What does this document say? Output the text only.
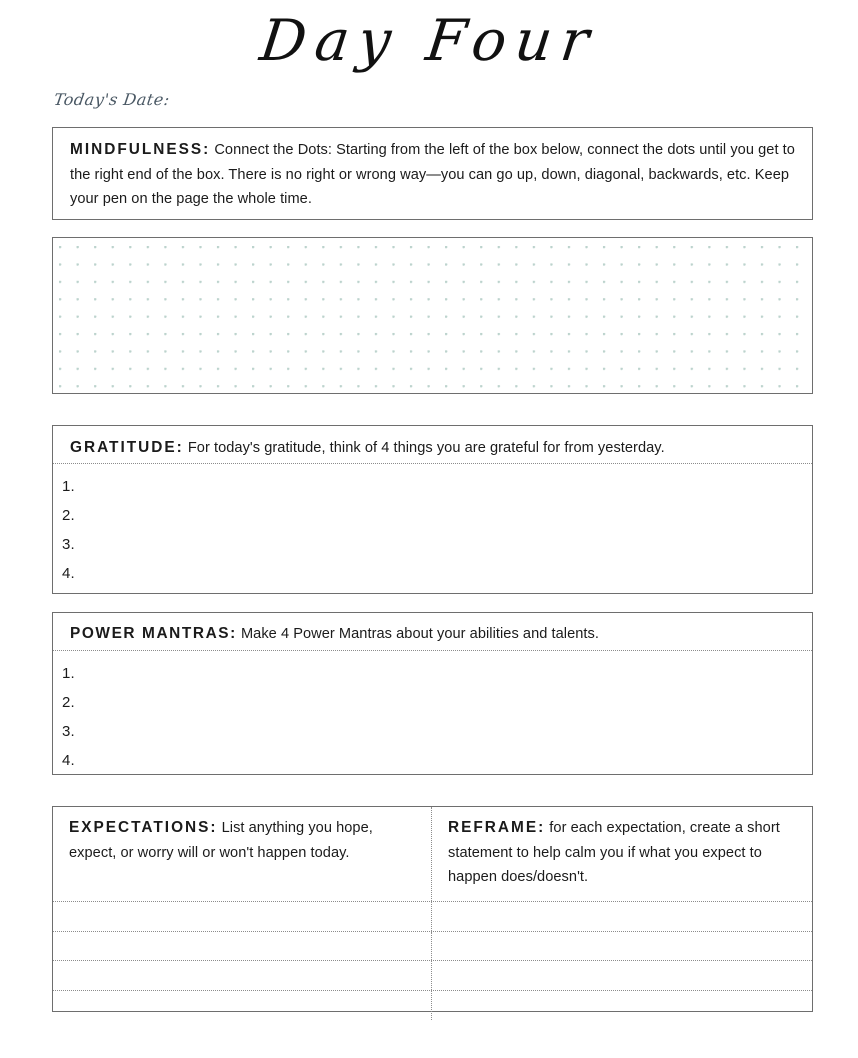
Day Four
Today's Date:
MINDFULNESS: Connect the Dots: Starting from the left of the box below, connect the dots until you get to the right end of the box. There is no right or wrong way—you can go up, down, diagonal, backwards, etc. Keep your pen on the page the whole time.
GRATITUDE: For today's gratitude, think of 4 things you are grateful for from yesterday.
1.
2.
3.
4.
POWER MANTRAS: Make 4 Power Mantras about your abilities and talents.
1.
2.
3.
4.
EXPECTATIONS: List anything you hope, expect, or worry will or won't happen today.
REFRAME: for each expectation, create a short statement to help calm you if what you expect to happen does/doesn't.
